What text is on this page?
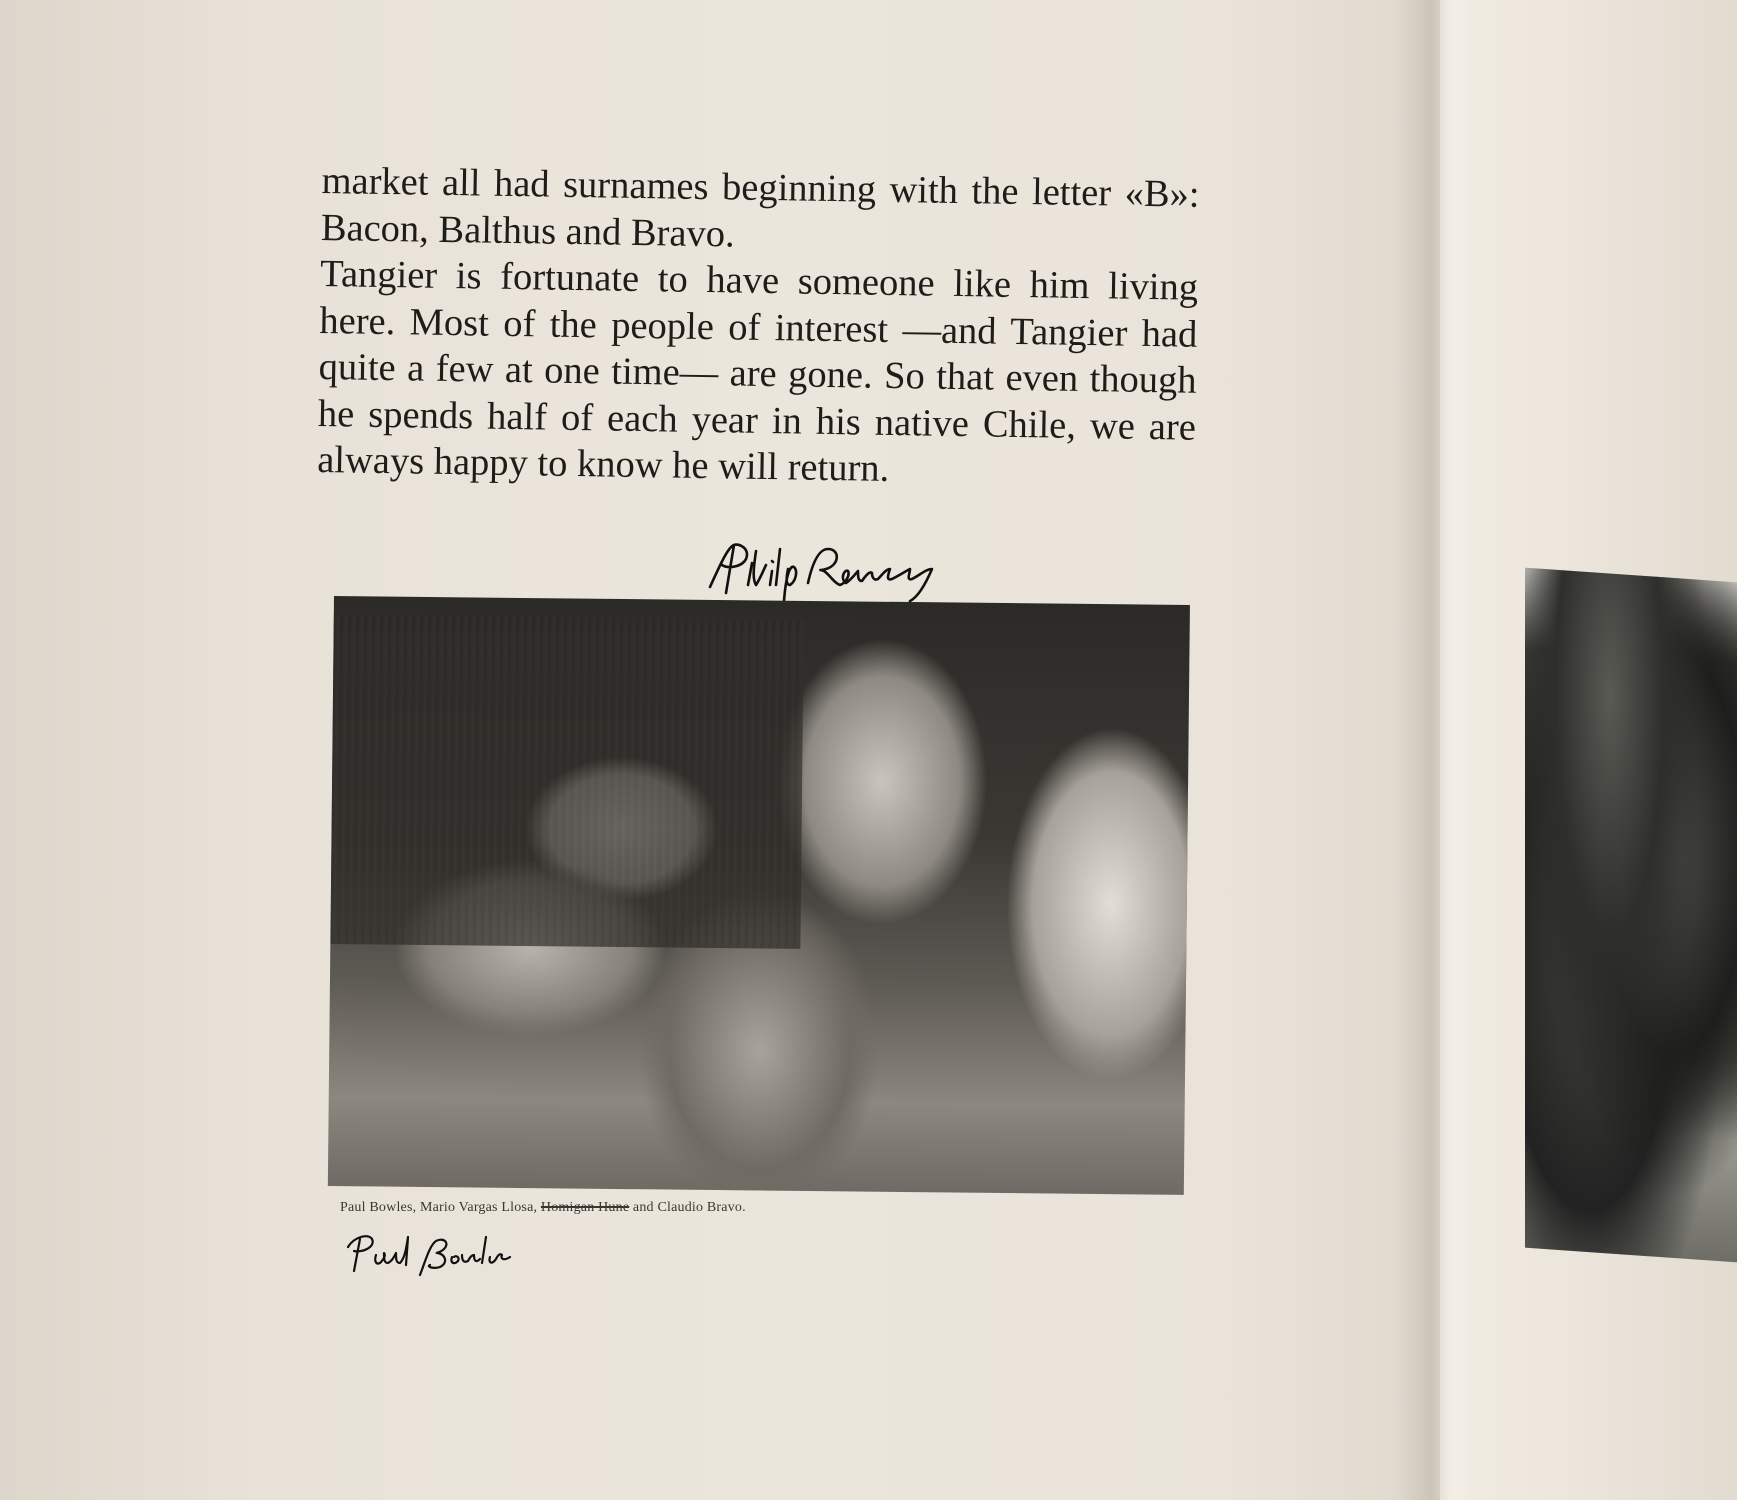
market all had surnames beginning with the letter «B»: Bacon, Balthus and Bravo.

Tangier is fortunate to have someone like him living here. Most of the people of interest —and Tangier had quite a few at one time— are gone. So that even though he spends half of each year in his native Chile, we are always happy to know he will return.

Paul Bowles, Mario Vargas Llosa, Homigan Hune and Claudio Bravo.
